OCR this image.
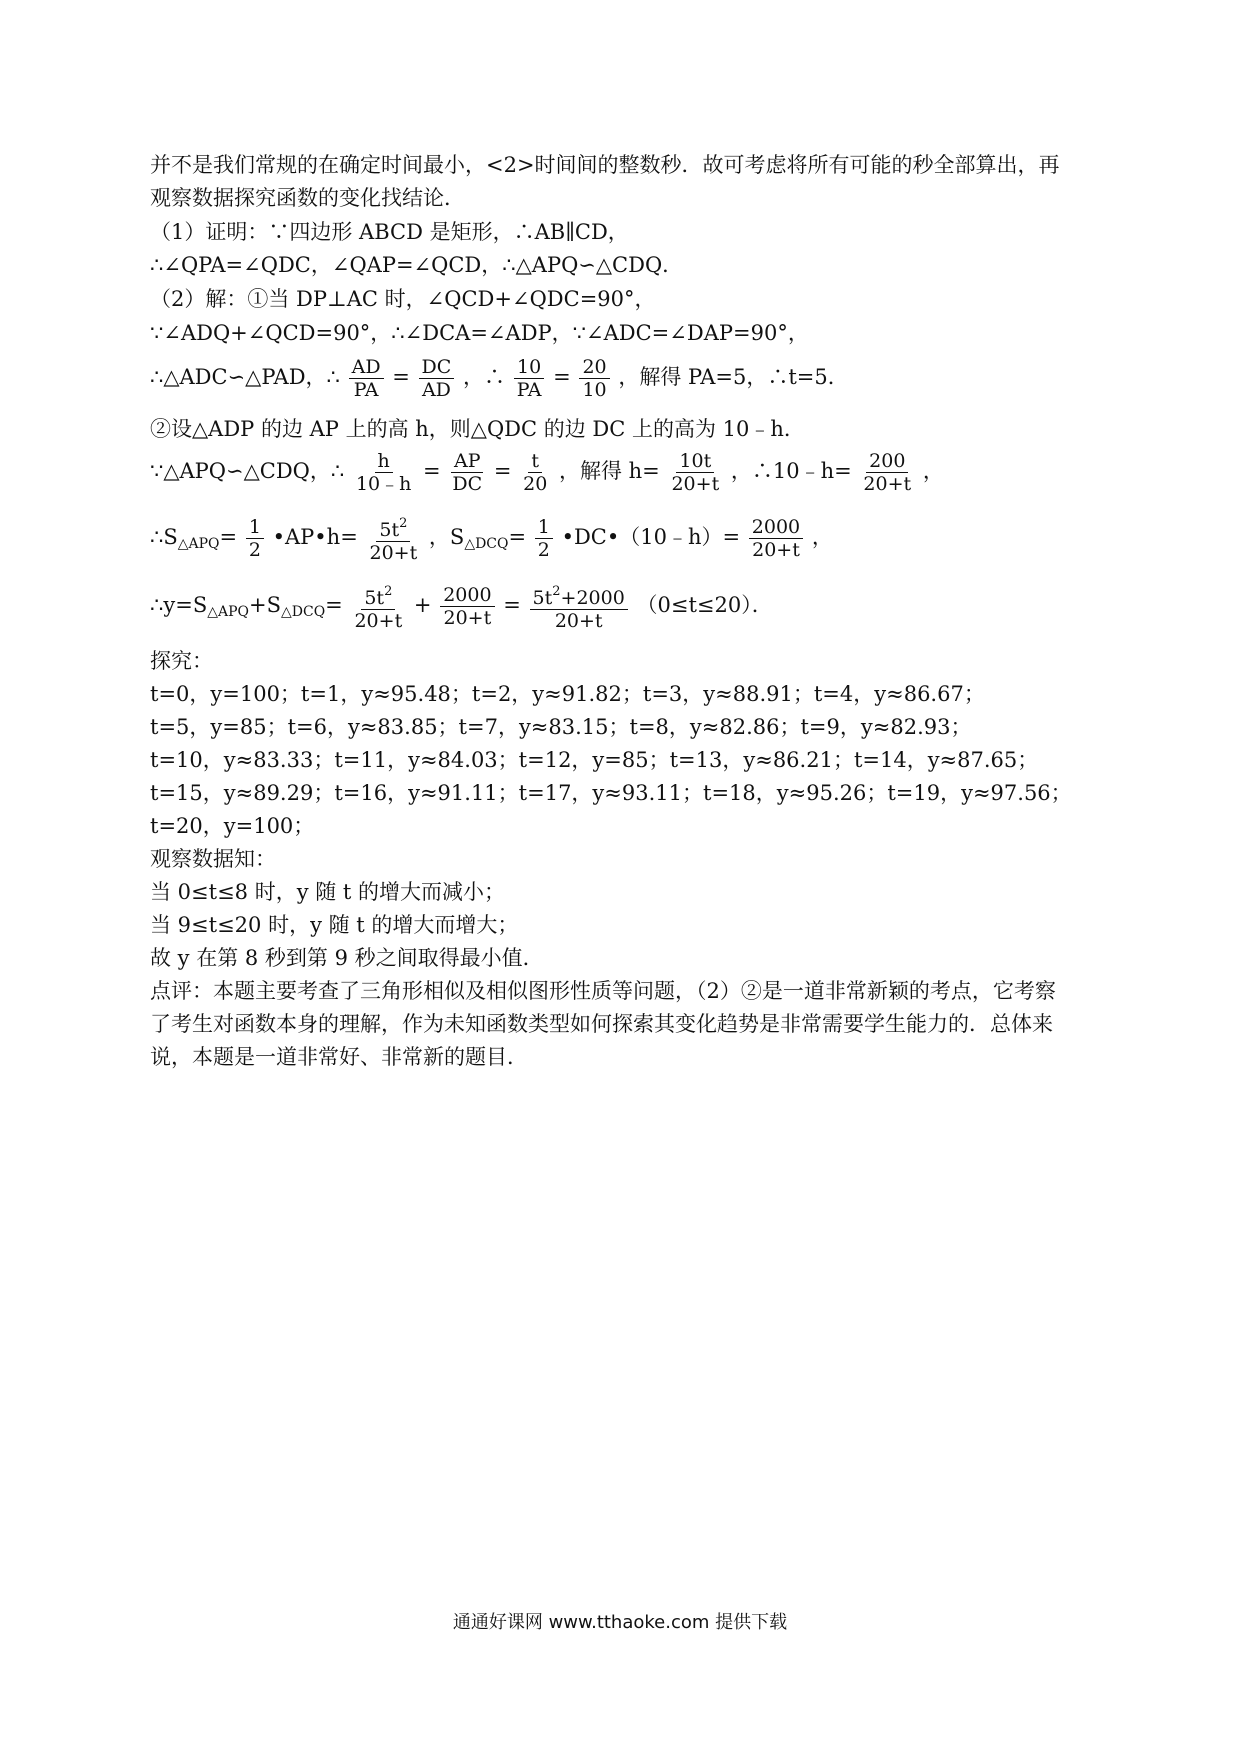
并不是我们常规的在确定时间最小，<2>时间间的整数秒．故可考虑将所有可能的秒全部算出，再
观察数据探究函数的变化找结论．
（1）证明：∵四边形 ABCD 是矩形，∴AB∥CD，
∴∠QPA=∠QDC，∠QAP=∠QCD，∴△APQ∽△CDQ．
（2）解：①当 DP⊥AC 时，∠QCD+∠QDC=90°，
∵∠ADQ+∠QCD=90°，∴∠DCA=∠ADP，∵∠ADC=∠DAP=90°，
∴△ADC∽△PAD，∴ $\frac{AD}{PA} = \frac{DC}{AD}$ ，∴ $\frac{10}{PA} = \frac{20}{10}$ ，解得 PA=5，∴t=5．
②设△ADP 的边 AP 上的高 h，则△QDC 的边 DC 上的高为 10﹣h．
∵△APQ∽△CDQ，∴ $\frac{h}{10﹣h} = \frac{AP}{DC} = \frac{t}{20}$ ，解得 $h= \frac{10t}{20+t}$ ，∴10﹣h= $\frac{200}{20+t}$ ，
$\therefore S_{\triangle APQ}= \frac{1}{2}$ •AP•h= $\frac{5t^2}{20+t}$ ，$S_{\triangle DCQ}= \frac{1}{2}$ •DC•（10﹣h）= $\frac{2000}{20+t}$ ，
$\therefore y=S_{\triangle APQ}+S_{\triangle DCQ}= \frac{5t^2}{20+t} + \frac{2000}{20+t} = \frac{5t^2+2000}{20+t} (0\le t\le 20)$．
探究：
t=0，y=100；t=1，y≈95.48；t=2，y≈91.82；t=3，y≈88.91；t=4，y≈86.67；
t=5，y=85；t=6，y≈83.85；t=7，y≈83.15；t=8，y≈82.86；t=9，y≈82.93；
t=10，y≈83.33；t=11，y≈84.03；t=12，y=85；t=13，y≈86.21；t=14，y≈87.65；
t=15，y≈89.29；t=16，y≈91.11；t=17，y≈93.11；t=18，y≈95.26；t=19，y≈97.56；
t=20，y=100；
观察数据知：
当 0≤t≤8 时，y 随 t 的增大而减小；
当 9≤t≤20 时，y 随 t 的增大而增大；
故 y 在第 8 秒到第 9 秒之间取得最小值．
点评：本题主要考查了三角形相似及相似图形性质等问题，（2）②是一道非常新颖的考点，它考察
了考生对函数本身的理解，作为未知函数类型如何探索其变化趋势是非常需要学生能力的．总体来
说，本题是一道非常好、非常新的题目．
通通好课网 www.tthaoke.com 提供下载
